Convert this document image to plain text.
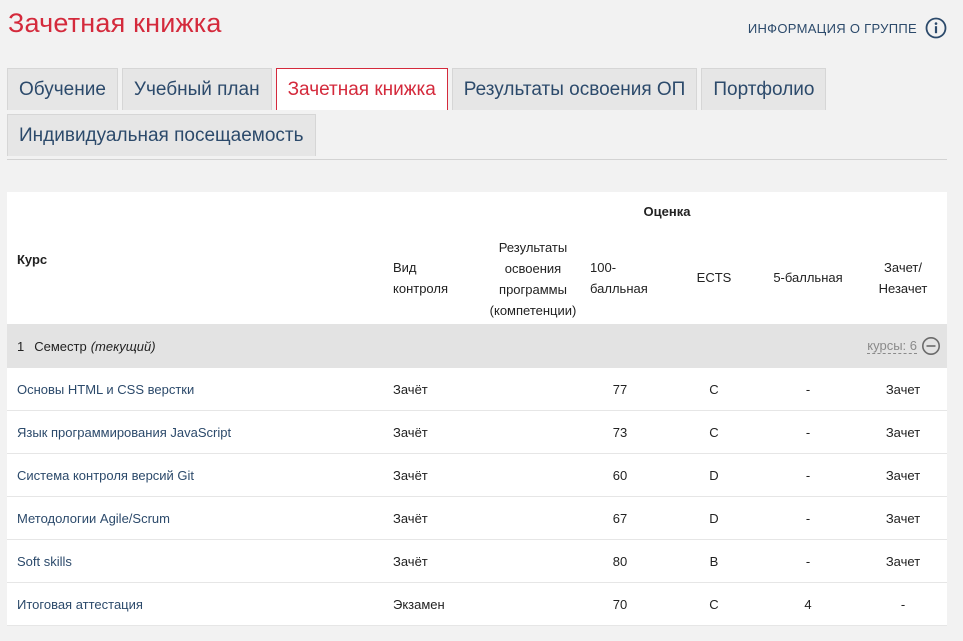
Зачетная книжка	ИНФОРМАЦИЯ О ГРУППЕ
Обучение	Учебный план	Зачетная книжка	Результаты освоения ОП	Портфолио
Индивидуальная посещаемость
Курс
Оценка
Вид контроля
Результаты освоения программы (компетенции)
100-балльная
ECTS	5-балльная
Зачет/ Незачет
1 Семестр (текущий)	курсы: 6
Основы HTML и CSS верстки	Зачёт	77	C	-	Зачет
Язык программирования JavaScript	Зачёт	73	C	-	Зачет
Система контроля версий Git	Зачёт	60	D	-	Зачет
Методологии Agile/Scrum	Зачёт	67	D	-	Зачет
Soft skills	Зачёт	80	B	-	Зачет
Итоговая аттестация	Экзамен	70	C	4	-
